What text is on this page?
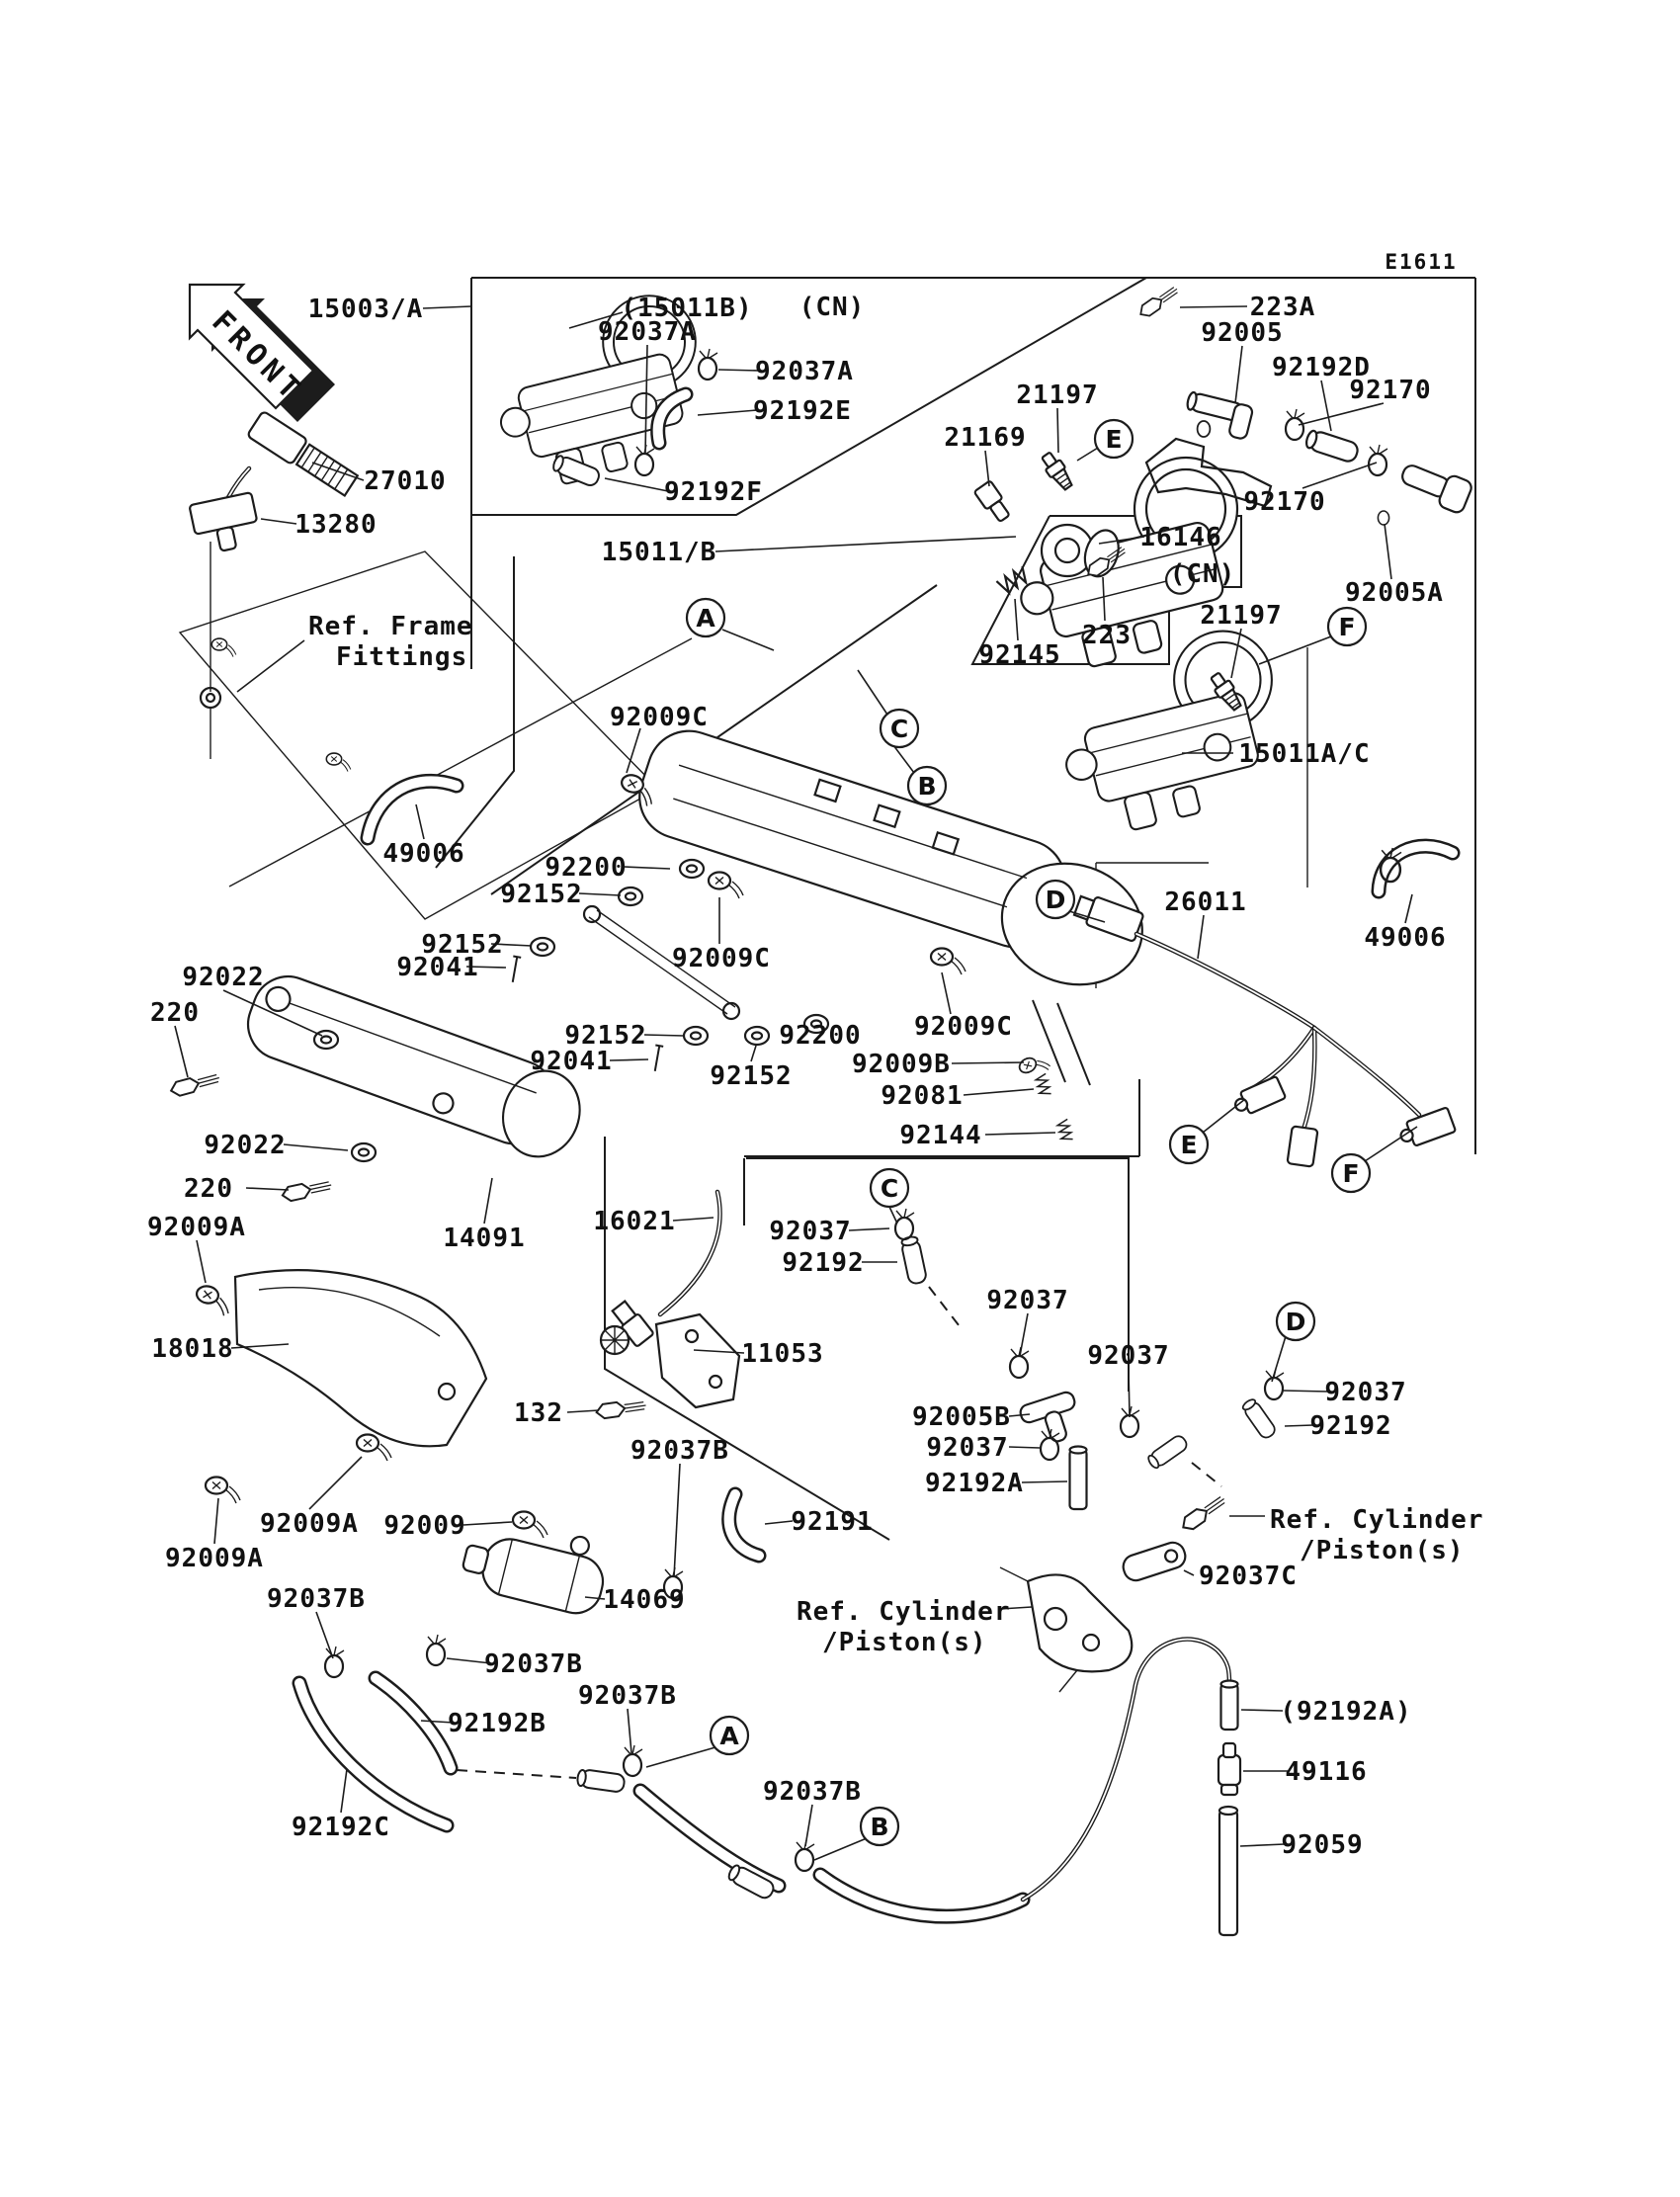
FRONT
E1611
15003/A	(15011B) (CN)
92037A
92037A
92192E
27010	92192F
13280
223A
92005
92192D
92170
21197
21169
92170
15011/B	16146
(CN)
92005A
21197
92145
223
15011A/C
92009C
49006	92200
92152	26011
49006
92152
92041	92009C
92022
220
92152
92041
92200
92152
92009C
92009B
92081
92144
92022
220
14091
16021	92037
92192
92009A
18018
92037
11053
132
92037
92037
92192
92005B
92037
92192A
92037B
92009A 92009	92191
92009A
92037C
92037B	14069
92037B
92037B
92192B
92192C
92037B
(92192A)
49116
92059
Ref. Frame Fittings
Ref. Cylinder /Piston(s)
Ref. Cylinder /Piston(s)
A
C
B
E
F
D
E
F
C
D
A
B
